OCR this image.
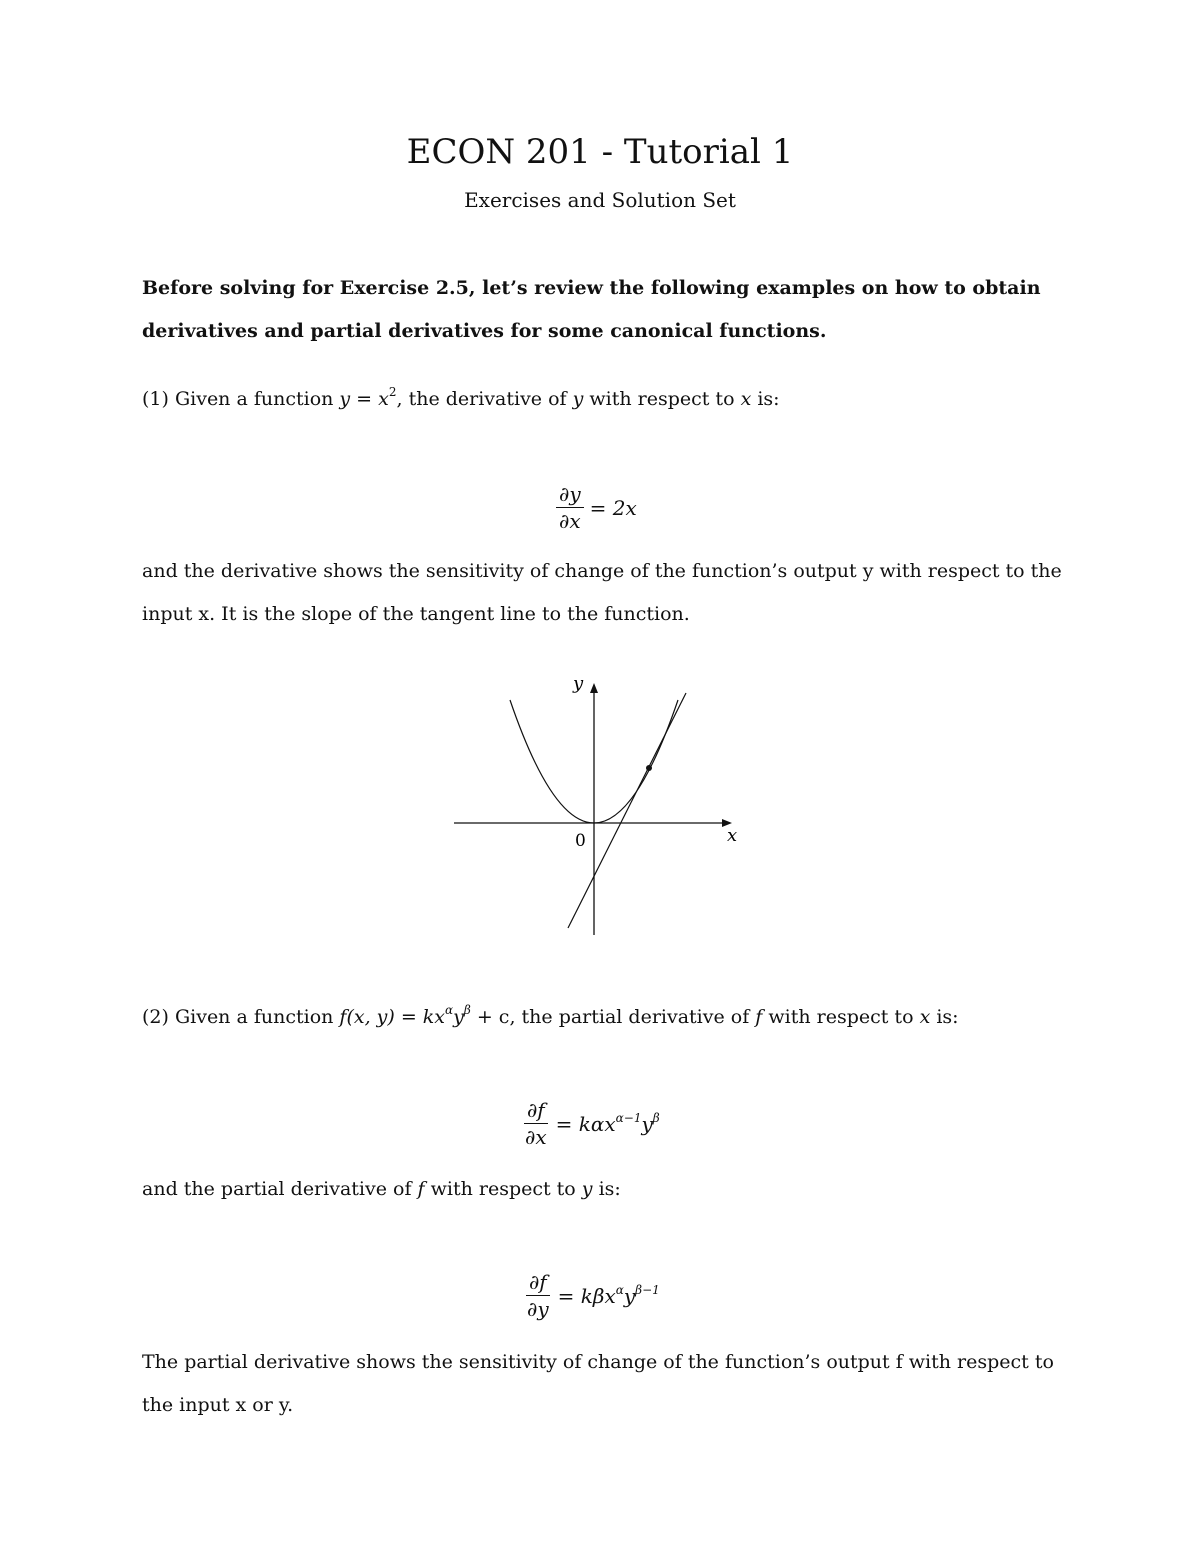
ECON 201 - Tutorial 1
Exercises and Solution Set
Before solving for Exercise 2.5, let’s review the following examples on how to obtain
derivatives and partial derivatives for some canonical functions.
(1) Given a function $y = x^2$, the derivative of y with respect to x is:
$\frac{\partial y}{\partial x} = 2x$
and the derivative shows the sensitivity of change of the function’s output y with respect to the
input x. It is the slope of the tangent line to the function.
y
x
0
(2) Given a function f(x, $y) = kx^\alpha y^\beta + c$, the partial derivative of f with respect to x is:
$\frac{\partial f}{\partial x} = k\alpha x^{\alpha-1}y^\beta$
and the partial derivative of f with respect to y is:
$\frac{\partial f}{\partial y} = k\beta x^\alpha y^{\beta-1}$
The partial derivative shows the sensitivity of change of the function’s output f with respect to
the input x or y.
